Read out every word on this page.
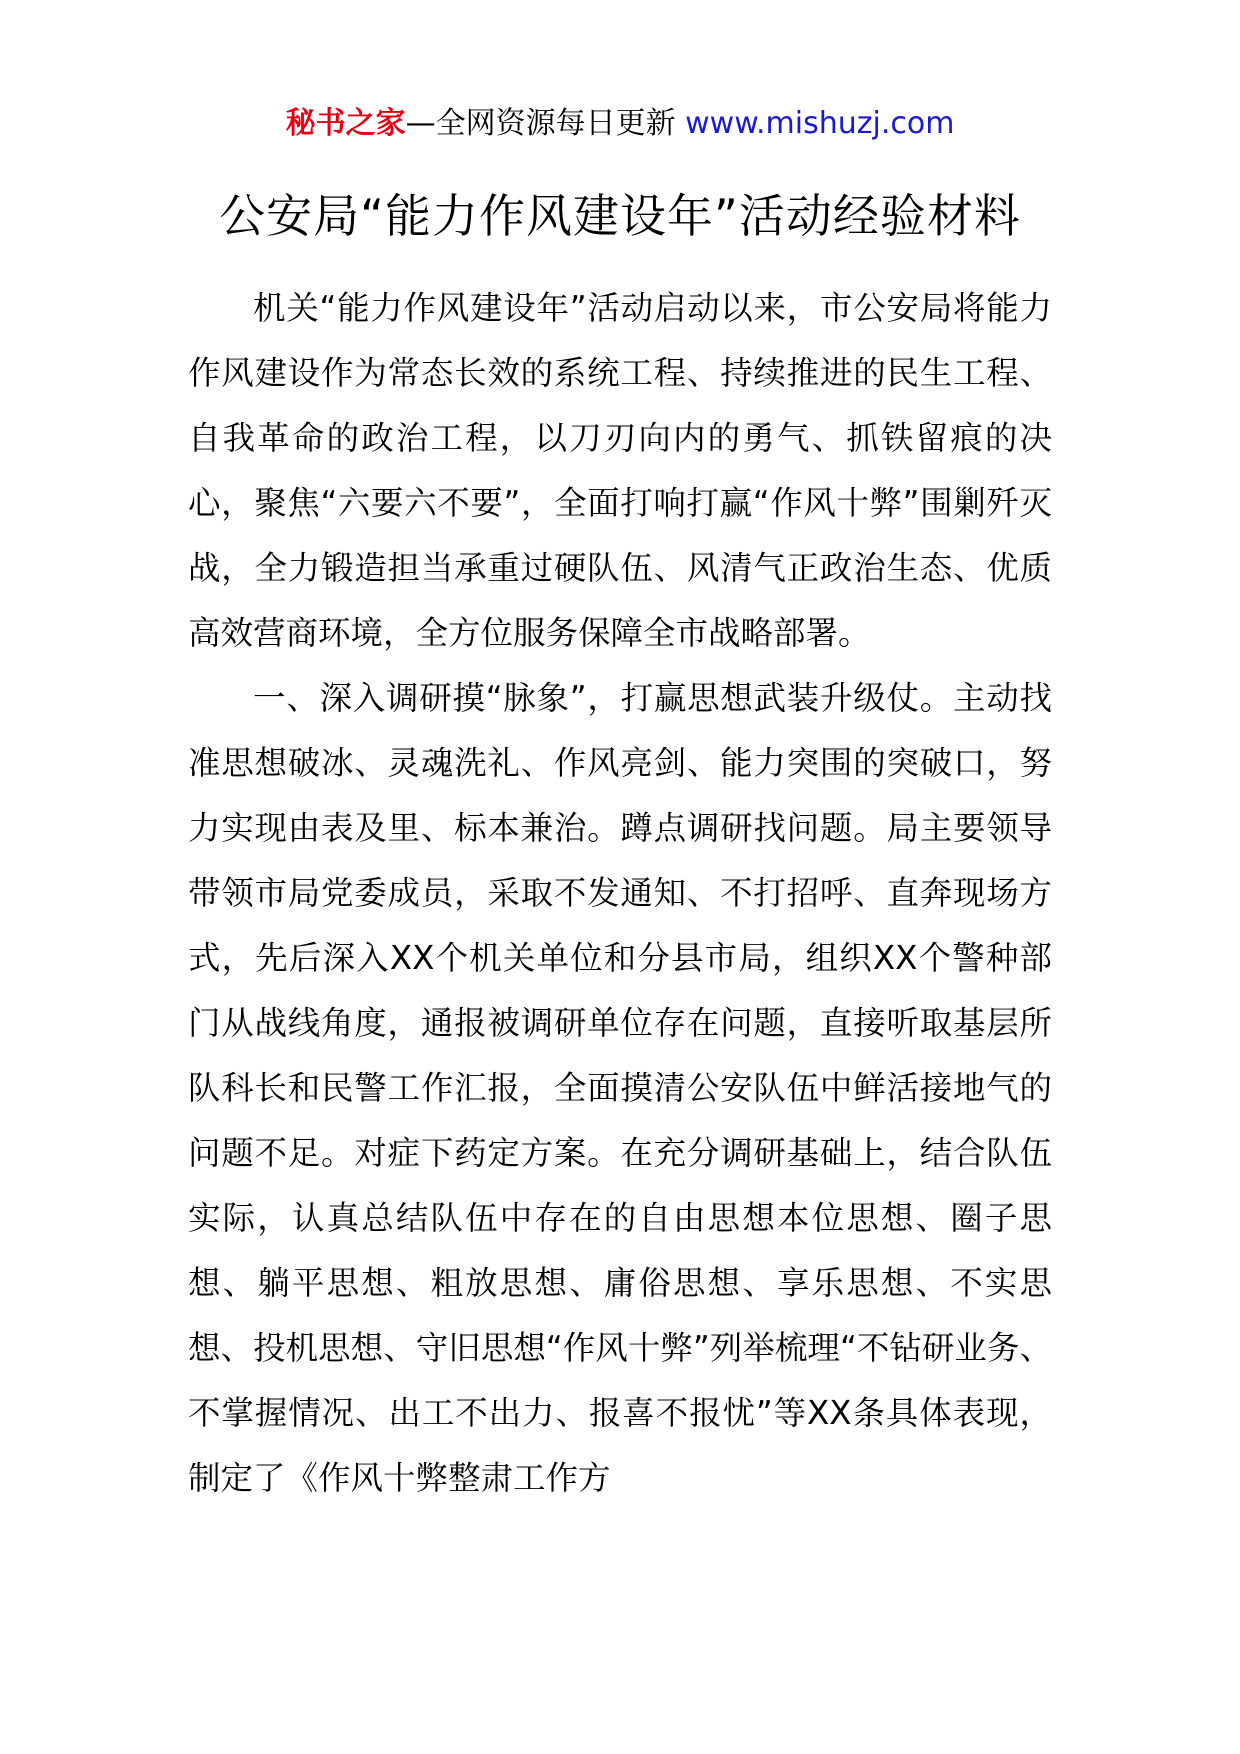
秘书之家—全网资源每日更新 www.mishuzj.com
公安局“能力作风建设年”活动经验材料

机关“能力作风建设年”活动启动以来，市公安局将能力作风建设作为常态长效的系统工程、持续推进的民生工程、自我革命的政治工程，以刀刃向内的勇气、抓铁留痕的决心，聚焦“六要六不要”，全面打响打赢“作风十弊”围剿歼灭战，全力锻造担当承重过硬队伍、风清气正政治生态、优质高效营商环境，全方位服务保障全市战略部署。

一、深入调研摸“脉象”，打赢思想武装升级仗。主动找准思想破冰、灵魂洗礼、作风亮剑、能力突围的突破口，努力实现由表及里、标本兼治。蹲点调研找问题。局主要领导带领市局党委成员，采取不发通知、不打招呼、直奔现场方式，先后深入XX个机关单位和分县市局，组织XX个警种部门从战线角度，通报被调研单位存在问题，直接听取基层所队科长和民警工作汇报，全面摸清公安队伍中鲜活接地气的问题不足。对症下药定方案。在充分调研基础上，结合队伍实际，认真总结队伍中存在的自由思想本位思想、圈子思想、躺平思想、粗放思想、庸俗思想、享乐思想、不实思想、投机思想、守旧思想“作风十弊”列举梳理“不钻研业务、不掌握情况、出工不出力、报喜不报忧”等XX条具体表现，制定了《作风十弊整肃工作方
